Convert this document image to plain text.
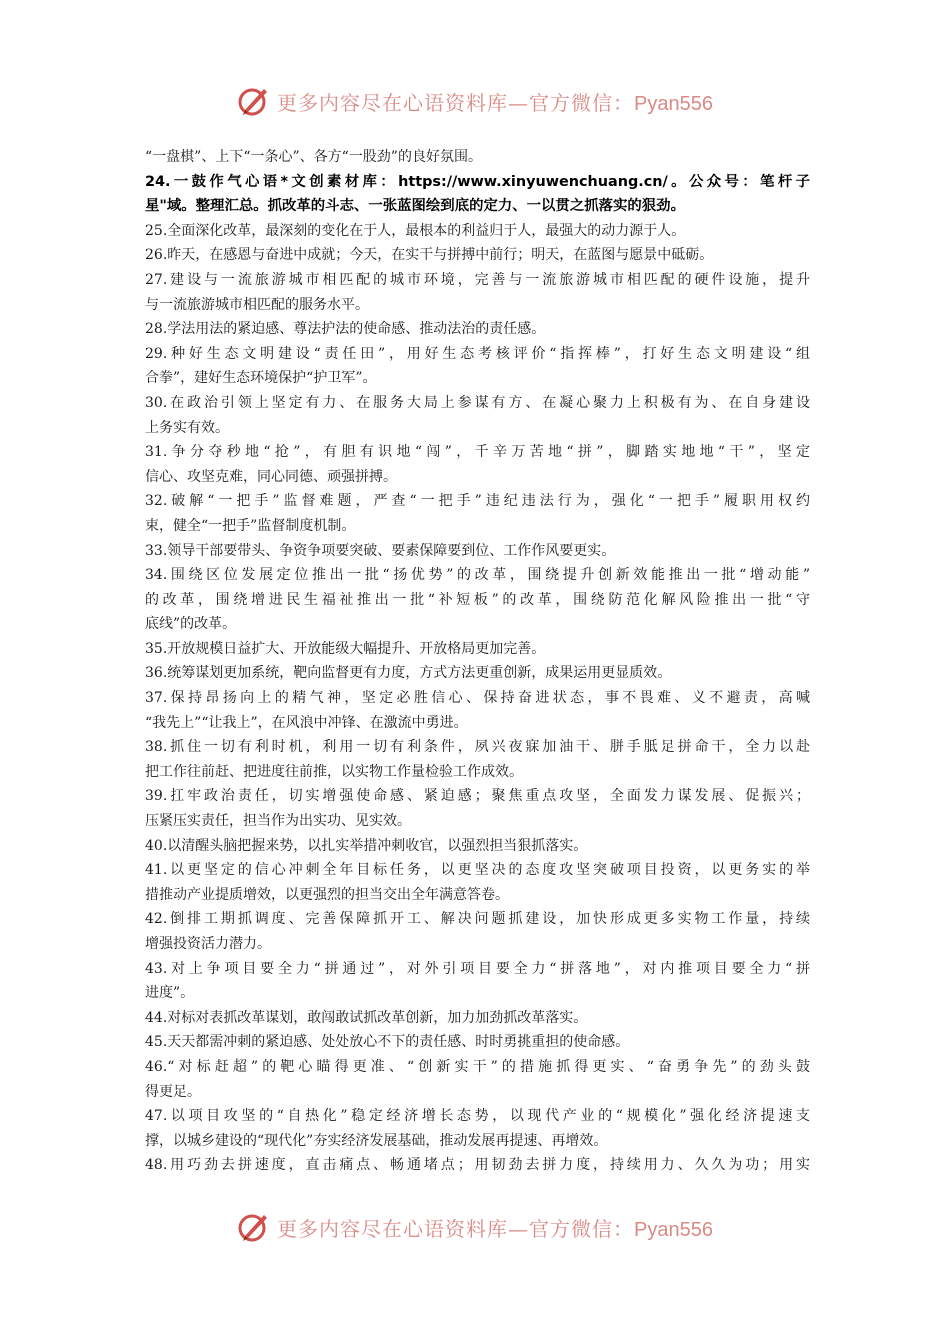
更多内容尽在心语资料库—官方微信：Pyan556
“一盘棋”、上下“一条心”、各方“一股劲”的良好氛围。
24.一鼓作气心语*文创素材库：https://www.xinyuwenchuang.cn/。公众号：笔杆子
星"域。整理汇总。抓改革的斗志、一张蓝图绘到底的定力、一以贯之抓落实的狠劲。
25.全面深化改革，最深刻的变化在于人，最根本的利益归于人，最强大的动力源于人。
26.昨天，在感恩与奋进中成就；今天，在实干与拼搏中前行；明天，在蓝图与愿景中砥砺。
27.建设与一流旅游城市相匹配的城市环境，完善与一流旅游城市相匹配的硬件设施，提升
与一流旅游城市相匹配的服务水平。
28.学法用法的紧迫感、尊法护法的使命感、推动法治的责任感。
29.种好生态文明建设“责任田”，用好生态考核评价“指挥棒”，打好生态文明建设“组
合拳”，建好生态环境保护“护卫军”。
30.在政治引领上坚定有力、在服务大局上参谋有方、在凝心聚力上积极有为、在自身建设
上务实有效。
31.争分夺秒地“抢”，有胆有识地“闯”，千辛万苦地“拼”，脚踏实地地“干”，坚定
信心、攻坚克难，同心同德、顽强拼搏。
32.破解“一把手”监督难题，严查“一把手”违纪违法行为，强化“一把手”履职用权约
束，健全“一把手”监督制度机制。
33.领导干部要带头、争资争项要突破、要素保障要到位、工作作风要更实。
34.围绕区位发展定位推出一批“扬优势”的改革，围绕提升创新效能推出一批“增动能”
的改革，围绕增进民生福祉推出一批“补短板”的改革，围绕防范化解风险推出一批“守
底线”的改革。
35.开放规模日益扩大、开放能级大幅提升、开放格局更加完善。
36.统筹谋划更加系统，靶向监督更有力度，方式方法更重创新，成果运用更显质效。
37.保持昂扬向上的精气神，坚定必胜信心、保持奋进状态，事不畏难、义不避责，高喊
“我先上”“让我上”，在风浪中冲锋、在激流中勇进。
38.抓住一切有利时机，利用一切有利条件，夙兴夜寐加油干、胼手胝足拼命干，全力以赴
把工作往前赶、把进度往前推，以实物工作量检验工作成效。
39.扛牢政治责任，切实增强使命感、紧迫感；聚焦重点攻坚，全面发力谋发展、促振兴；
压紧压实责任，担当作为出实功、见实效。
40.以清醒头脑把握来势，以扎实举措冲刺收官，以强烈担当狠抓落实。
41.以更坚定的信心冲刺全年目标任务，以更坚决的态度攻坚突破项目投资，以更务实的举
措推动产业提质增效，以更强烈的担当交出全年满意答卷。
42.倒排工期抓调度、完善保障抓开工、解决问题抓建设，加快形成更多实物工作量，持续
增强投资活力潜力。
43.对上争项目要全力“拼通过”，对外引项目要全力“拼落地”，对内推项目要全力“拼
进度”。
44.对标对表抓改革谋划，敢闯敢试抓改革创新，加力加劲抓改革落实。
45.天天都需冲刺的紧迫感、处处放心不下的责任感、时时勇挑重担的使命感。
46.“对标赶超”的靶心瞄得更准、“创新实干”的措施抓得更实、“奋勇争先”的劲头鼓
得更足。
47.以项目攻坚的“自热化”稳定经济增长态势，以现代产业的“规模化”强化经济提速支
撑，以城乡建设的“现代化”夯实经济发展基础，推动发展再提速、再增效。
48.用巧劲去拼速度，直击痛点、畅通堵点；用韧劲去拼力度，持续用力、久久为功；用实
更多内容尽在心语资料库—官方微信：Pyan556
